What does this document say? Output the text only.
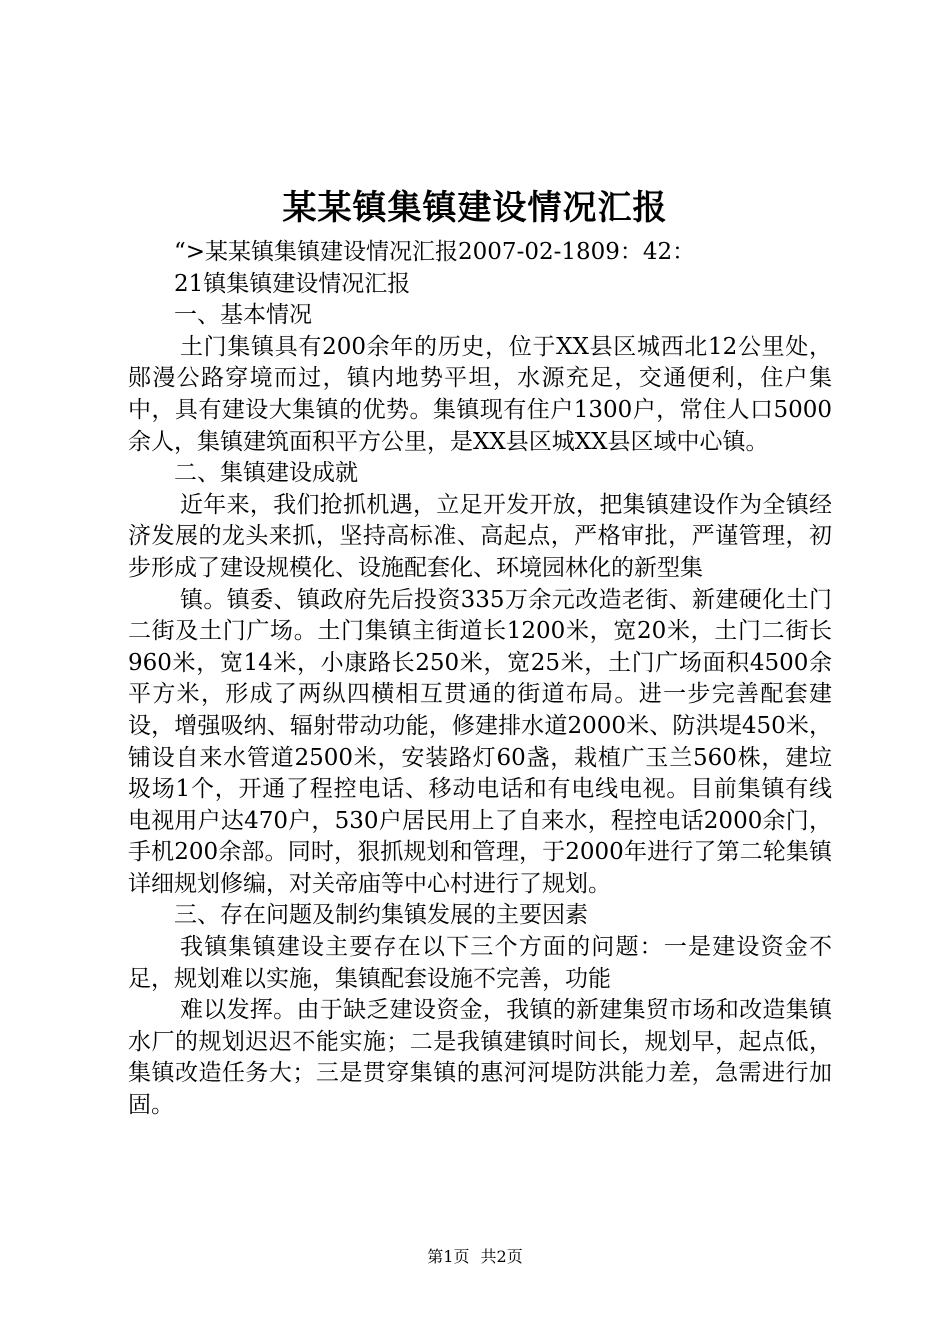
某某镇集镇建设情况汇报

“>某某镇集镇建设情况汇报2007-02-1809：42：

21镇集镇建设情况汇报

一、基本情况

土门集镇具有200余年的历史，位于XX县区城西北12公里处，郧漫公路穿境而过，镇内地势平坦，水源充足，交通便利，住户集中，具有建设大集镇的优势。集镇现有住户1300户，常住人口5000余人，集镇建筑面积平方公里，是XX县区城XX县区域中心镇。

二、集镇建设成就

近年来，我们抢抓机遇，立足开发开放，把集镇建设作为全镇经济发展的龙头来抓，坚持高标准、高起点，严格审批，严谨管理，初步形成了建设规模化、设施配套化、环境园林化的新型集

镇。镇委、镇政府先后投资335万余元改造老街、新建硬化土门二街及土门广场。土门集镇主街道长1200米，宽20米，土门二街长960米，宽14米，小康路长250米，宽25米，土门广场面积4500余平方米，形成了两纵四横相互贯通的街道布局。进一步完善配套建设，增强吸纳、辐射带动功能，修建排水道2000米、防洪堤450米，铺设自来水管道2500米，安装路灯60盏，栽植广玉兰560株，建垃圾场1个，开通了程控电话、移动电话和有电线电视。目前集镇有线电视用户达470户，530户居民用上了自来水，程控电话2000余门，手机200余部。同时，狠抓规划和管理，于2000年进行了第二轮集镇详细规划修编，对关帝庙等中心村进行了规划。

三、存在问题及制约集镇发展的主要因素

我镇集镇建设主要存在以下三个方面的问题：一是建设资金不足，规划难以实施，集镇配套设施不完善，功能

难以发挥。由于缺乏建设资金，我镇的新建集贸市场和改造集镇水厂的规划迟迟不能实施；二是我镇建镇时间长，规划早，起点低，集镇改造任务大；三是贯穿集镇的惠河河堤防洪能力差，急需进行加固。

第1页 共2页
